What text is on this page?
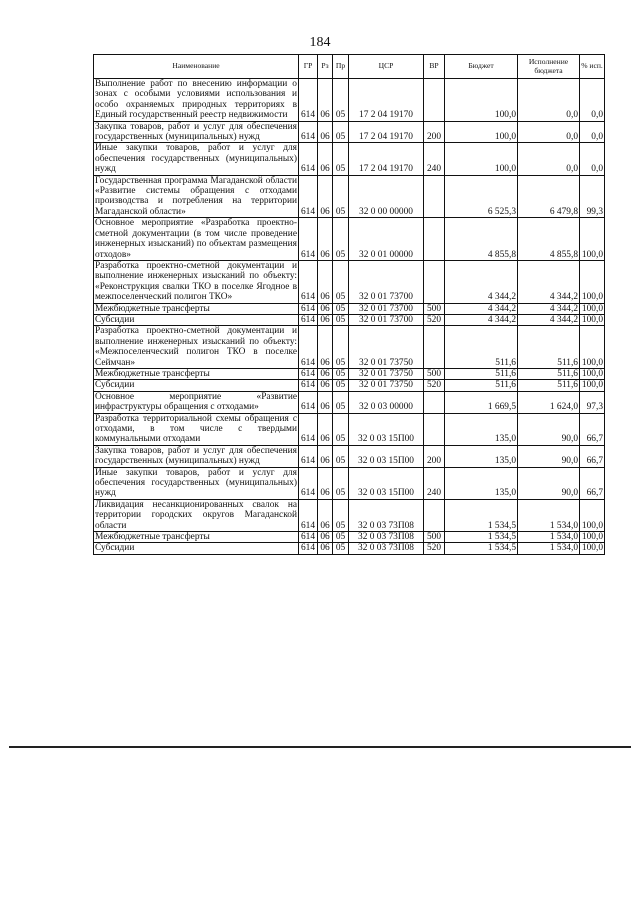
184
Наименование	ГР	Рз	Пр	ЦСР	ВР	Бюджет	Исполнение бюджета	% исп.
Выполнение работ по внесению информации о зонах с особыми условиями использования и особо охраняемых природных территориях в Единый государственный реестр недвижимости	614	06	05	17 2 04 19170		100,0	0,0	0,0
Закупка товаров, работ и услуг для обеспечения государственных (муниципальных) нужд	614	06	05	17 2 04 19170	200	100,0	0,0	0,0
Иные закупки товаров, работ и услуг для обеспечения государственных (муниципальных) нужд	614	06	05	17 2 04 19170	240	100,0	0,0	0,0
Государственная программа Магаданской области «Развитие системы обращения с отходами производства и потребления на территории Магаданской области»	614	06	05	32 0 00 00000		6 525,3	6 479,8	99,3
Основное мероприятие «Разработка проектно-сметной документации (в том числе проведение инженерных изысканий) по объектам размещения отходов»	614	06	05	32 0 01 00000		4 855,8	4 855,8	100,0
Разработка проектно-сметной документации и выполнение инженерных изысканий по объекту: «Реконструкция свалки ТКО в поселке Ягодное в межпоселенческий полигон ТКО»	614	06	05	32 0 01 73700		4 344,2	4 344,2	100,0
Межбюджетные трансферты	614	06	05	32 0 01 73700	500	4 344,2	4 344,2	100,0
Субсидии	614	06	05	32 0 01 73700	520	4 344,2	4 344,2	100,0
Разработка проектно-сметной документации и выполнение инженерных изысканий по объекту: «Межпоселенческий полигон ТКО в поселке Сеймчан»	614	06	05	32 0 01 73750		511,6	511,6	100,0
Межбюджетные трансферты	614	06	05	32 0 01 73750	500	511,6	511,6	100,0
Субсидии	614	06	05	32 0 01 73750	520	511,6	511,6	100,0
Основное мероприятие «Развитие инфраструктуры обращения с отходами»	614	06	05	32 0 03 00000		1 669,5	1 624,0	97,3
Разработка территориальной схемы обращения с отходами, в том числе с твердыми коммунальными отходами	614	06	05	32 0 03 15П00		135,0	90,0	66,7
Закупка товаров, работ и услуг для обеспечения государственных (муниципальных) нужд	614	06	05	32 0 03 15П00	200	135,0	90,0	66,7
Иные закупки товаров, работ и услуг для обеспечения государственных (муниципальных) нужд	614	06	05	32 0 03 15П00	240	135,0	90,0	66,7
Ликвидация несанкционированных свалок на территории городских округов Магаданской области	614	06	05	32 0 03 73П08		1 534,5	1 534,0	100,0
Межбюджетные трансферты	614	06	05	32 0 03 73П08	500	1 534,5	1 534,0	100,0
Субсидии	614	06	05	32 0 03 73П08	520	1 534,5	1 534,0	100,0
